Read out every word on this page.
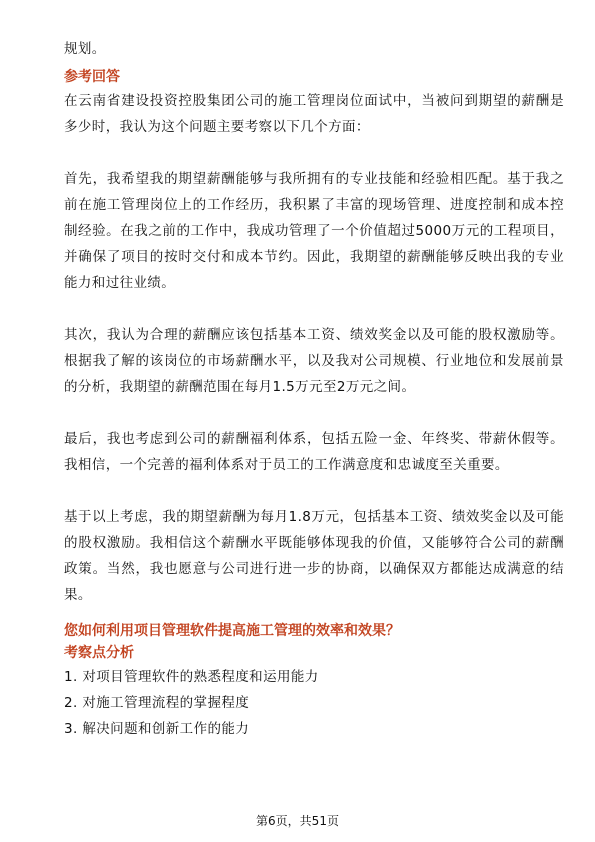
规划。

参考回答

在云南省建设投资控股集团公司的施工管理岗位面试中，当被问到期望的薪酬是多少时，我认为这个问题主要考察以下几个方面：

首先，我希望我的期望薪酬能够与我所拥有的专业技能和经验相匹配。基于我之前在施工管理岗位上的工作经历，我积累了丰富的现场管理、进度控制和成本控制经验。在我之前的工作中，我成功管理了一个价值超过5000万元的工程项目，并确保了项目的按时交付和成本节约。因此，我期望的薪酬能够反映出我的专业能力和过往业绩。

其次，我认为合理的薪酬应该包括基本工资、绩效奖金以及可能的股权激励等。根据我了解的该岗位的市场薪酬水平，以及我对公司规模、行业地位和发展前景的分析，我期望的薪酬范围在每月1.5万元至2万元之间。

最后，我也考虑到公司的薪酬福利体系，包括五险一金、年终奖、带薪休假等。我相信，一个完善的福利体系对于员工的工作满意度和忠诚度至关重要。

基于以上考虑，我的期望薪酬为每月1.8万元，包括基本工资、绩效奖金以及可能的股权激励。我相信这个薪酬水平既能够体现我的价值，又能够符合公司的薪酬政策。当然，我也愿意与公司进行进一步的协商，以确保双方都能达成满意的结果。

您如何利用项目管理软件提高施工管理的效率和效果？
考察点分析
1. 对项目管理软件的熟悉程度和运用能力
2. 对施工管理流程的掌握程度
3. 解决问题和创新工作的能力
第6页，共51页
